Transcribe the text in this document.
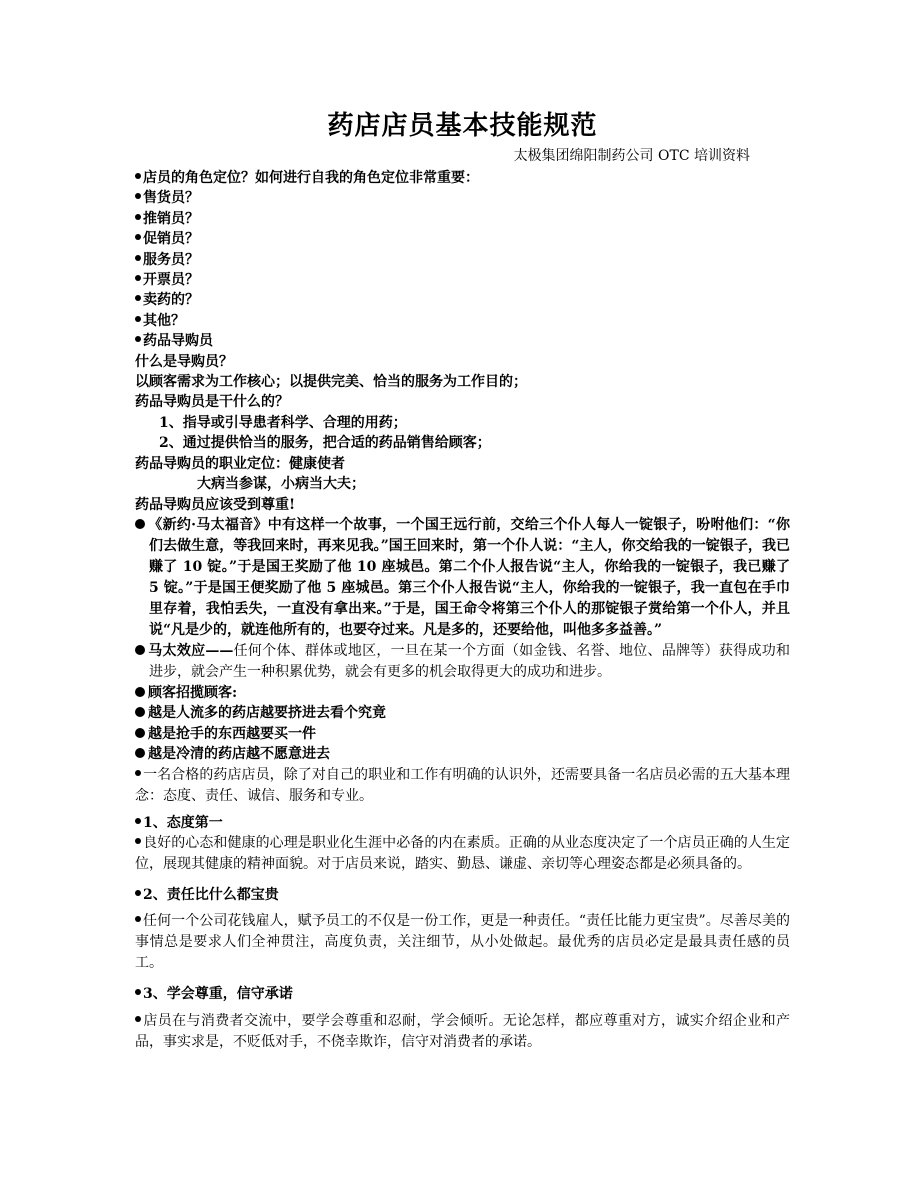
药店店员基本技能规范
太极集团绵阳制药公司 OTC 培训资料
店员的角色定位？如何进行自我的角色定位非常重要：
售货员？
推销员？
促销员？
服务员？
开票员？
卖药的？
其他？
药品导购员
什么是导购员？
以顾客需求为工作核心；以提供完美、恰当的服务为工作目的；
药品导购员是干什么的？
1、指导或引导患者科学、合理的用药；
2、通过提供恰当的服务，把合适的药品销售给顾客；
药品导购员的职业定位：健康使者
大病当参谋，小病当大夫；
药品导购员应该受到尊重!
《新约·马太福音》中有这样一个故事，一个国王远行前，交给三个仆人每人一锭银子，吩咐他们：“你们去做生意，等我回来时，再来见我。”国王回来时，第一个仆人说：“主人，你交给我的一锭银子，我已赚了 10 锭。”于是国王奖励了他 10 座城邑。第二个仆人报告说“主人，你给我的一锭银子，我已赚了 5 锭。”于是国王便奖励了他 5 座城邑。第三个仆人报告说“主人，你给我的一锭银子，我一直包在手巾里存着，我怕丢失，一直没有拿出来。”于是，国王命令将第三个仆人的那锭银子赏给第一个仆人，并且说“凡是少的，就连他所有的，也要夺过来。凡是多的，还要给他，叫他多多益善。”
马太效应——任何个体、群体或地区，一旦在某一个方面（如金钱、名誉、地位、品牌等）获得成功和进步，就会产生一种积累优势，就会有更多的机会取得更大的成功和进步。
顾客招揽顾客:
越是人流多的药店越要挤进去看个究竟
越是抢手的东西越要买一件
越是冷清的药店越不愿意进去
一名合格的药店店员，除了对自己的职业和工作有明确的认识外，还需要具备一名店员必需的五大基本理念：态度、责任、诚信、服务和专业。
1、态度第一
良好的心态和健康的心理是职业化生涯中必备的内在素质。正确的从业态度决定了一个店员正确的人生定位，展现其健康的精神面貌。对于店员来说，踏实、勤恳、谦虚、亲切等心理姿态都是必须具备的。
2、责任比什么都宝贵
任何一个公司花钱雇人，赋予员工的不仅是一份工作，更是一种责任。“责任比能力更宝贵”。尽善尽美的事情总是要求人们全神贯注，高度负责，关注细节，从小处做起。最优秀的店员必定是最具责任感的员工。
3、学会尊重，信守承诺
店员在与消费者交流中，要学会尊重和忍耐，学会倾听。无论怎样，都应尊重对方，诚实介绍企业和产品，事实求是，不贬低对手，不侥幸欺诈，信守对消费者的承诺。
